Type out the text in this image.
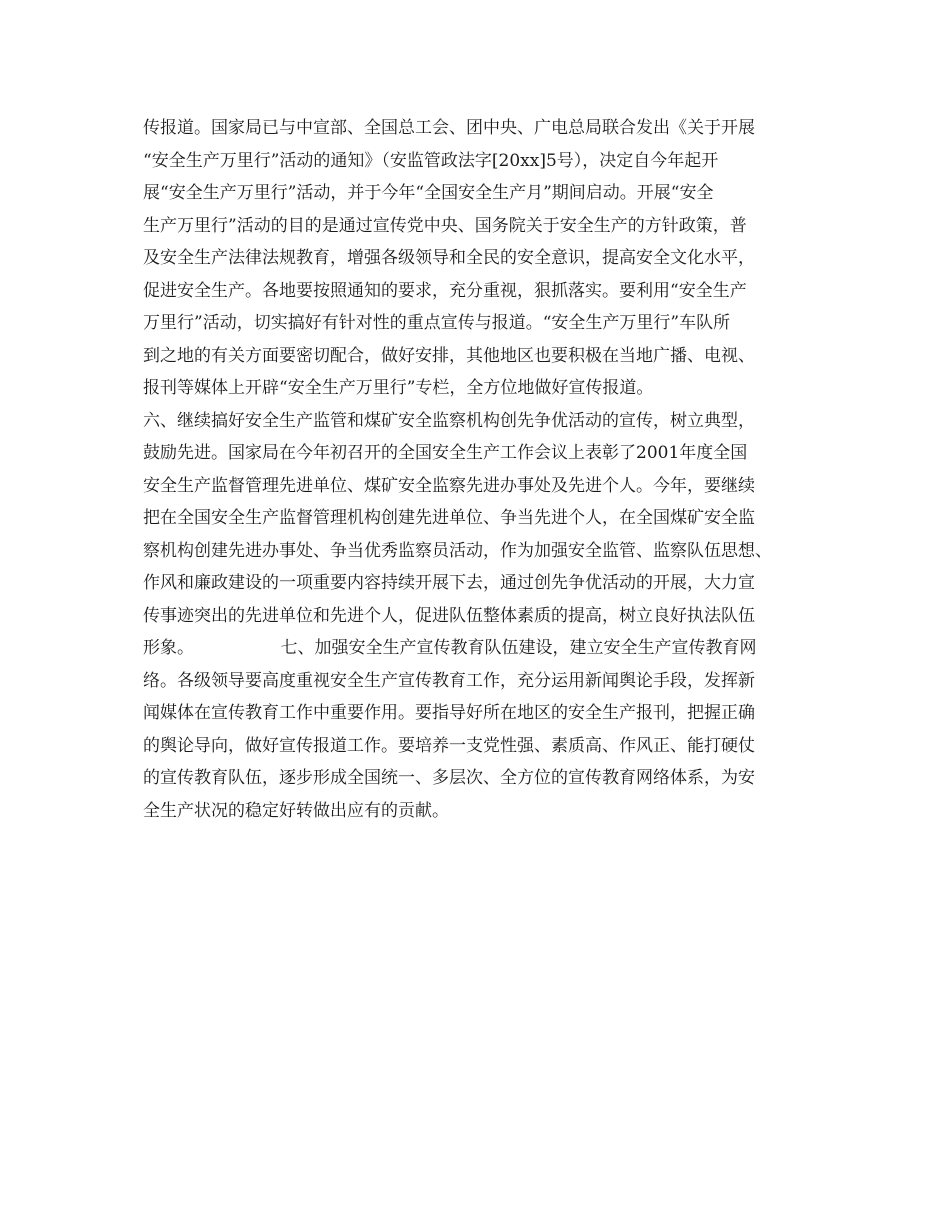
传报道。国家局已与中宣部、全国总工会、团中央、广电总局联合发出《关于开展
“安全生产万里行”活动的通知》（安监管政法字[20xx]5号），决定自今年起开
展“安全生产万里行”活动，并于今年“全国安全生产月”期间启动。开展“安全
生产万里行”活动的目的是通过宣传党中央、国务院关于安全生产的方针政策，普
及安全生产法律法规教育，增强各级领导和全民的安全意识，提高安全文化水平，
促进安全生产。各地要按照通知的要求，充分重视，狠抓落实。要利用“安全生产
万里行”活动，切实搞好有针对性的重点宣传与报道。“安全生产万里行”车队所
到之地的有关方面要密切配合，做好安排，其他地区也要积极在当地广播、电视、
报刊等媒体上开辟“安全生产万里行”专栏，全方位地做好宣传报道。
六、继续搞好安全生产监管和煤矿安全监察机构创先争优活动的宣传，树立典型，
鼓励先进。国家局在今年初召开的全国安全生产工作会议上表彰了2001年度全国
安全生产监督管理先进单位、煤矿安全监察先进办事处及先进个人。今年，要继续
把在全国安全生产监督管理机构创建先进单位、争当先进个人，在全国煤矿安全监
察机构创建先进办事处、争当优秀监察员活动，作为加强安全监管、监察队伍思想、
作风和廉政建设的一项重要内容持续开展下去，通过创先争优活动的开展，大力宣
传事迹突出的先进单位和先进个人，促进队伍整体素质的提高，树立良好执法队伍
形象。                七、加强安全生产宣传教育队伍建设，建立安全生产宣传教育网
络。各级领导要高度重视安全生产宣传教育工作，充分运用新闻舆论手段，发挥新
闻媒体在宣传教育工作中重要作用。要指导好所在地区的安全生产报刊，把握正确
的舆论导向，做好宣传报道工作。要培养一支党性强、素质高、作风正、能打硬仗
的宣传教育队伍，逐步形成全国统一、多层次、全方位的宣传教育网络体系，为安
全生产状况的稳定好转做出应有的贡献。
